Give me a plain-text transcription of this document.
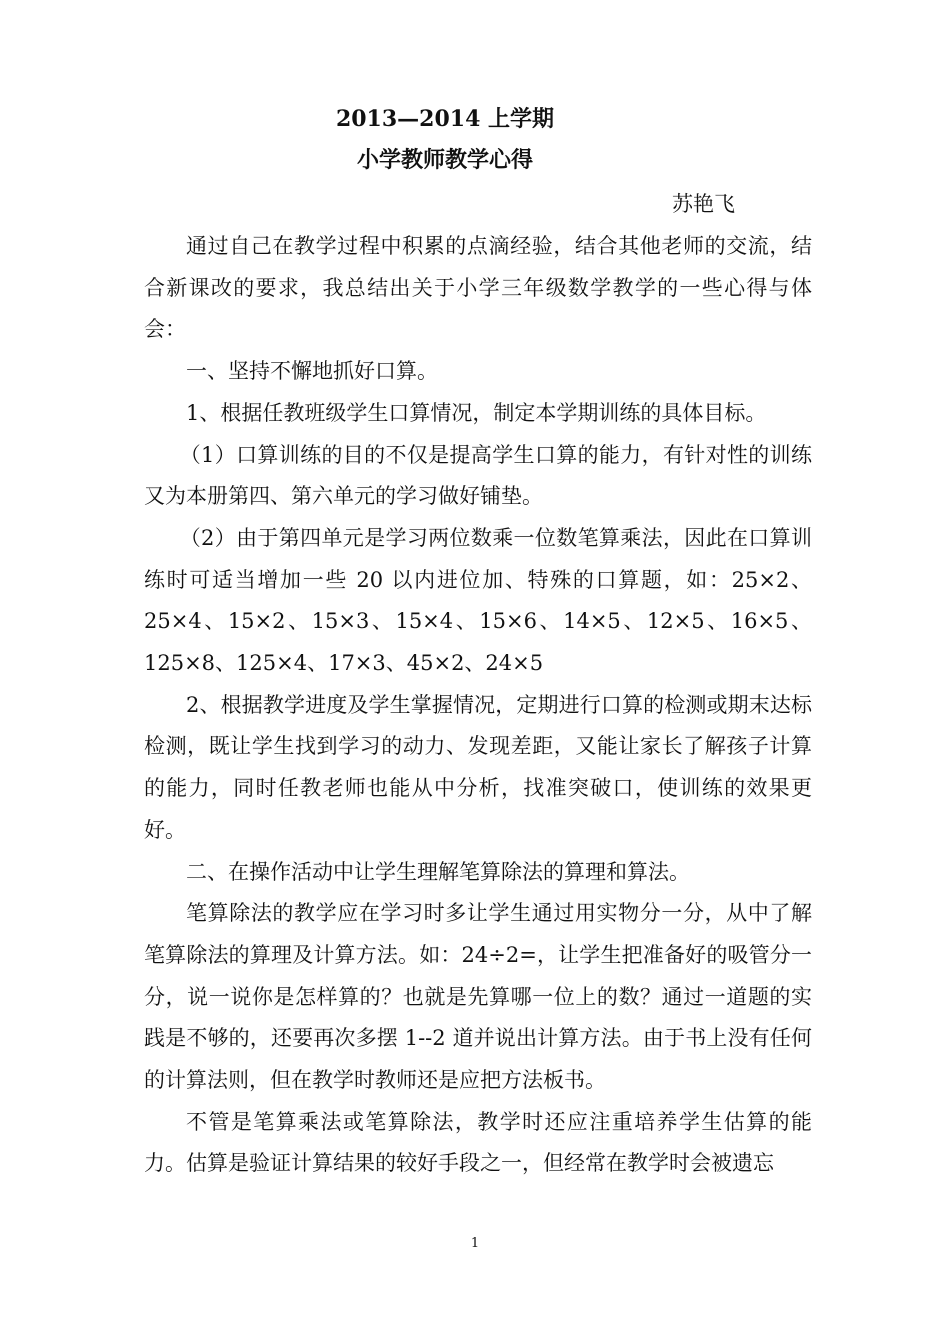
2013—2014 上学期
小学教师教学心得
苏艳飞

通过自己在教学过程中积累的点滴经验，结合其他老师的交流，结合新课改的要求，我总结出关于小学三年级数学教学的一些心得与体会：

一、坚持不懈地抓好口算。

1、根据任教班级学生口算情况，制定本学期训练的具体目标。

（1）口算训练的目的不仅是提高学生口算的能力，有针对性的训练又为本册第四、第六单元的学习做好铺垫。

（2）由于第四单元是学习两位数乘一位数笔算乘法，因此在口算训练时可适当增加一些 20 以内进位加、特殊的口算题，如：25×2、25×4、15×2、15×3、15×4、15×6、14×5、12×5、16×5、125×8、125×4、17×3、45×2、24×5

2、根据教学进度及学生掌握情况，定期进行口算的检测或期末达标检测，既让学生找到学习的动力、发现差距，又能让家长了解孩子计算的能力，同时任教老师也能从中分析，找准突破口，使训练的效果更好。

二、在操作活动中让学生理解笔算除法的算理和算法。

笔算除法的教学应在学习时多让学生通过用实物分一分，从中了解笔算除法的算理及计算方法。如：24÷2=，让学生把准备好的吸管分一分，说一说你是怎样算的？也就是先算哪一位上的数？通过一道题的实践是不够的，还要再次多摆 1--2 道并说出计算方法。由于书上没有任何的计算法则，但在教学时教师还是应把方法板书。

不管是笔算乘法或笔算除法，教学时还应注重培养学生估算的能力。估算是验证计算结果的较好手段之一，但经常在教学时会被遗忘

1
